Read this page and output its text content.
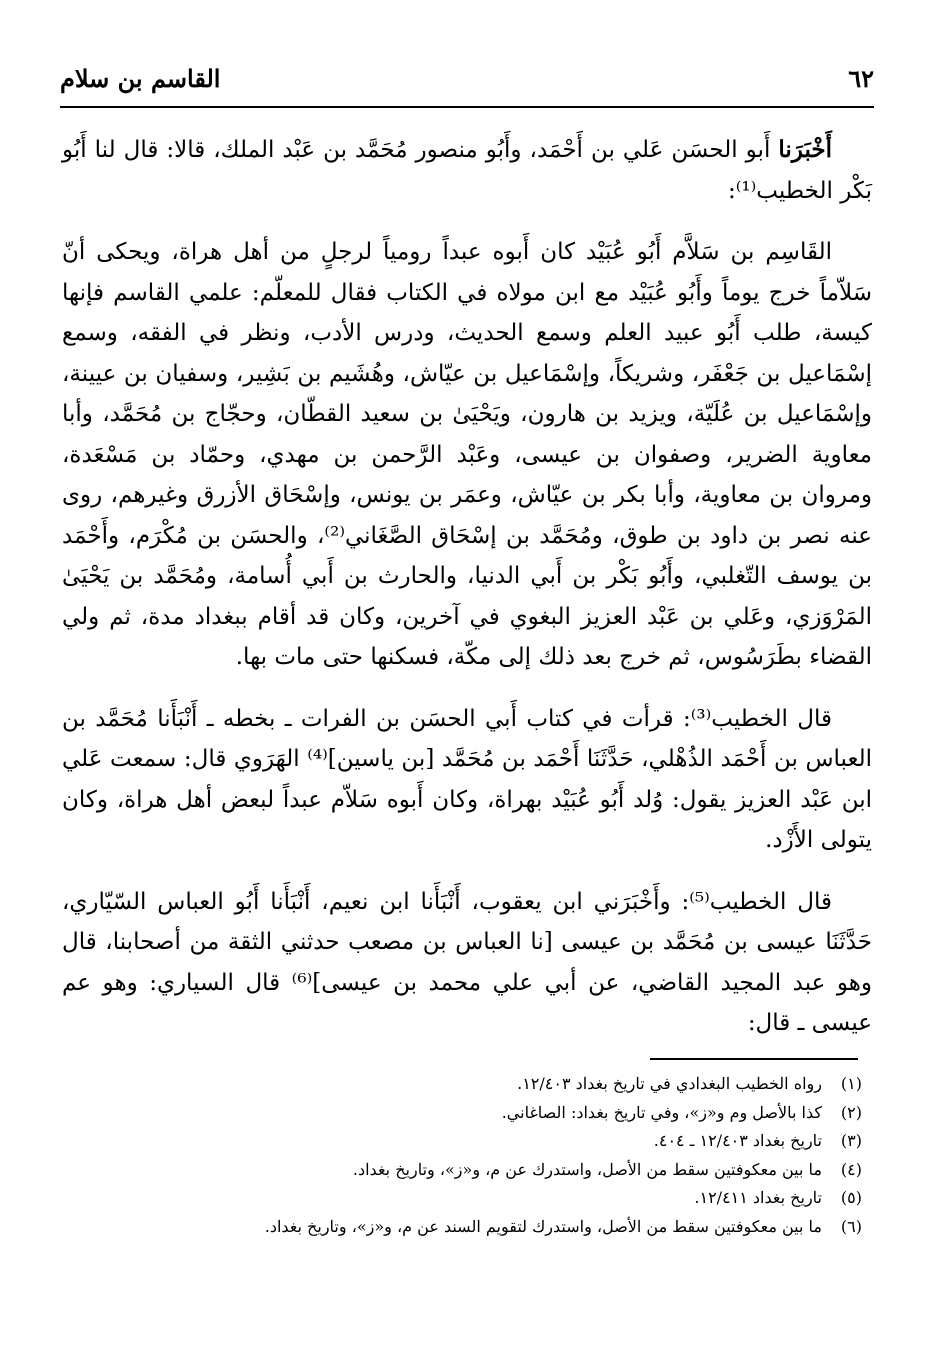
٦٢
القاسم بن سلام

أَخْبَرَنا أَبو الحسَن عَلي بن أَحْمَد، وأَبُو منصور مُحَمَّد بن عَبْد الملك، قالا: قال لنا أَبُو بَكْر الخطيب⁽¹⁾:

القَاسِم بن سَلاَّم أَبُو عُبَيْد كان أَبوه عبداً رومياً لرجلٍ من أهل هراة، ويحكى أنّ سَلاّماً خرج يوماً وأَبُو عُبَيْد مع ابن مولاه في الكتاب فقال للمعلّم: علمي القاسم فإنها كيسة، طلب أَبُو عبيد العلم وسمع الحديث، ودرس الأدب، ونظر في الفقه، وسمع إسْمَاعيل بن جَعْفَر، وشريكاً، وإسْمَاعيل بن عيّاش، وهُشَيم بن بَشِير، وسفيان بن عيينة، وإسْمَاعيل بن عُلَيّة، ويزيد بن هارون، ويَحْيَىٰ بن سعيد القطّان، وحجّاج بن مُحَمَّد، وأبا معاوية الضرير، وصفوان بن عيسى، وعَبْد الرَّحمن بن مهدي، وحمّاد بن مَسْعَدة، ومروان بن معاوية، وأبا بكر بن عيّاش، وعمَر بن يونس، وإسْحَاق الأزرق وغيرهم، روى عنه نصر بن داود بن طوق، ومُحَمَّد بن إسْحَاق الصَّغَاني⁽²⁾، والحسَن بن مُكْرَم، وأَحْمَد بن يوسف التّغلبي، وأَبُو بَكْر بن أَبي الدنيا، والحارث بن أَبي أُسامة، ومُحَمَّد بن يَحْيَىٰ المَرْوَزي، وعَلي بن عَبْد العزيز البغوي في آخرين، وكان قد أقام ببغداد مدة، ثم ولي القضاء بطَرَسُوس، ثم خرج بعد ذلك إلى مكّة، فسكنها حتى مات بها.

قال الخطيب⁽³⁾: قرأت في كتاب أَبي الحسَن بن الفرات ـ بخطه ـ أَنْبَأَنا مُحَمَّد بن العباس بن أَحْمَد الذُهْلي، حَدَّثَنَا أَحْمَد بن مُحَمَّد [بن ياسين]⁽⁴⁾ الهَرَوي قال: سمعت عَلي ابن عَبْد العزيز يقول: وُلد أَبُو عُبَيْد بهراة، وكان أَبوه سَلاّم عبداً لبعض أهل هراة، وكان يتولى الأَزْد.

قال الخطيب⁽⁵⁾: وأَخْبَرَني ابن يعقوب، أَنْبَأَنا ابن نعيم، أَنْبَأَنا أَبُو العباس السّيّاري، حَدَّثَنَا عيسى بن مُحَمَّد بن عيسى [نا العباس بن مصعب حدثني الثقة من أصحابنا، قال وهو عبد المجيد القاضي، عن أبي علي محمد بن عيسى]⁽⁶⁾ قال السياري: وهو عم عيسى ـ قال:

(١)رواه الخطيب البغدادي في تاريخ بغداد ١٢/٤٠٣.
(٢)كذا بالأصل وم و«ز»، وفي تاريخ بغداد: الصاغاني.
(٣)تاريخ بغداد ١٢/٤٠٣ ـ ٤٠٤.
(٤)ما بين معكوفتين سقط من الأصل، واستدرك عن م، و«ز»، وتاريخ بغداد.
(٥)تاريخ بغداد ١٢/٤١١.
(٦)ما بين معكوفتين سقط من الأصل، واستدرك لتقويم السند عن م، و«ز»، وتاريخ بغداد.
